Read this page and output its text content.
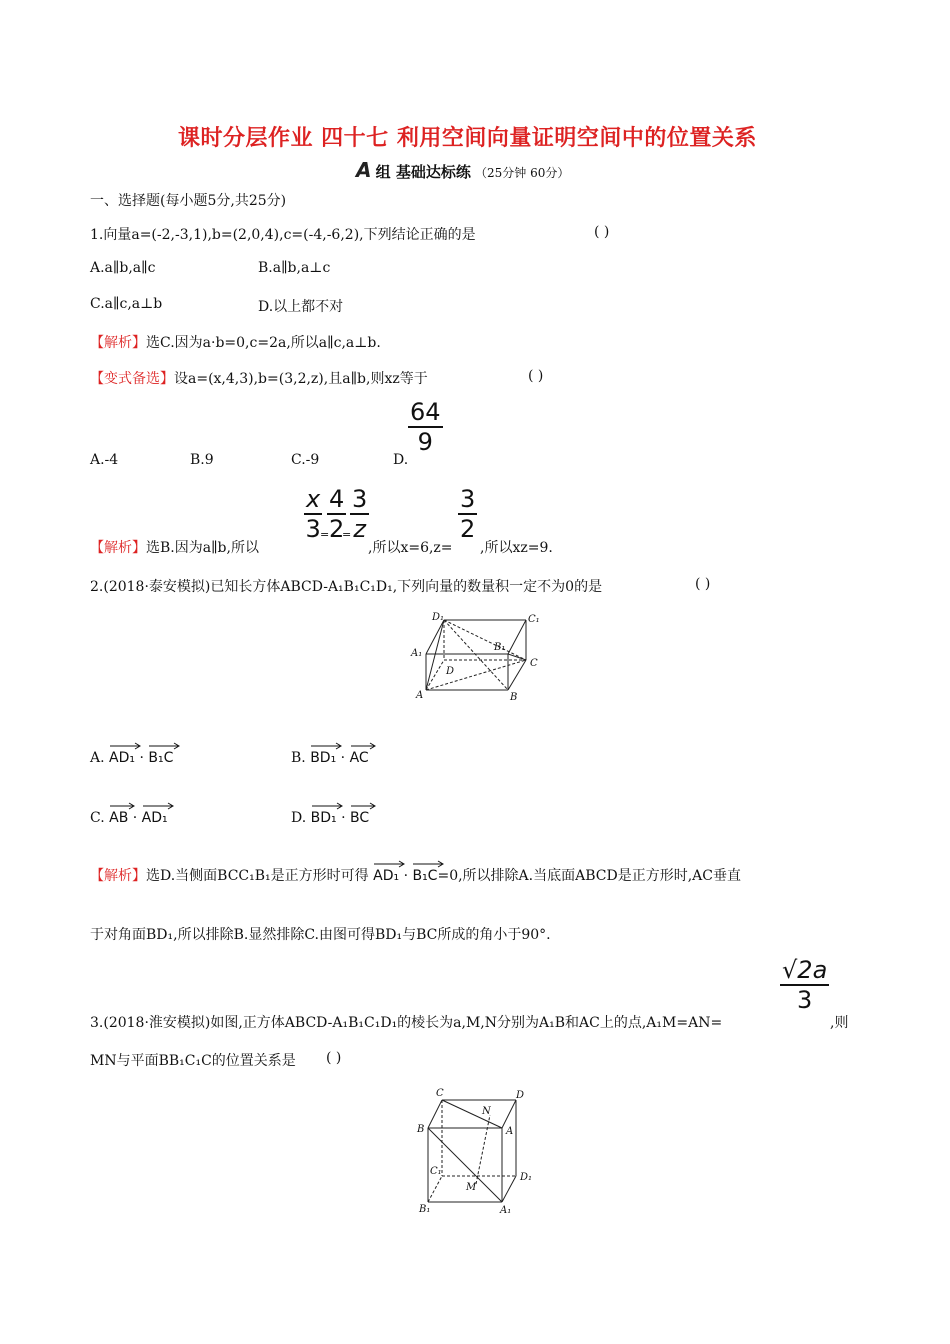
课时分层作业 四十七 利用空间向量证明空间中的位置关系
A 组 基础达标练 （25分钟 60分）
一、选择题(每小题5分,共25分)
1.向量a=(-2,-3,1),b=(2,0,4),c=(-4,-6,2),下列结论正确的是	( )
A.a∥b,a∥c	B.a∥b,a⊥c
C.a∥c,a⊥b	D.以上都不对
【解析】选C.因为a·b=0,c=2a,所以a∥c,a⊥b.
【变式备选】设a=(x,4,3),b=(3,2,z),且a∥b,则xz等于	( )
64
9
A.-4	B.9	C.-9	D.
x
3 =
4
2
=
3
z
3
2
【解析】选B.因为a∥b,所以	,所以x=6,z= ,所以xz=9.
2.(2018·泰安模拟)已知长方体ABCD-A₁B₁C₁D₁,下列向量的数量积一定不为0的是	( )
D₁	C₁
A₁
B₁
D
C
A	B
A. AD₁ · B₁C	B. BD₁ · AC
C. AB · AD₁	D. BD₁ · BC
【解析】选D.当侧面BCC₁B₁是正方形时可得 AD₁ · B₁C=0,所以排除A.当底面ABCD是正方形时,AC垂直
于对角面BD₁,所以排除B.显然排除C.由图可得BD₁与BC所成的角小于90°.
√2a
3
3.(2018·淮安模拟)如图,正方体ABCD-A₁B₁C₁D₁的棱长为a,M,N分别为A₁B和AC上的点,A₁M=AN=	,则
MN与平面BB₁C₁C的位置关系是 ( )
C	D
N
B	A
C₁
D₁
M
B₁	A₁
